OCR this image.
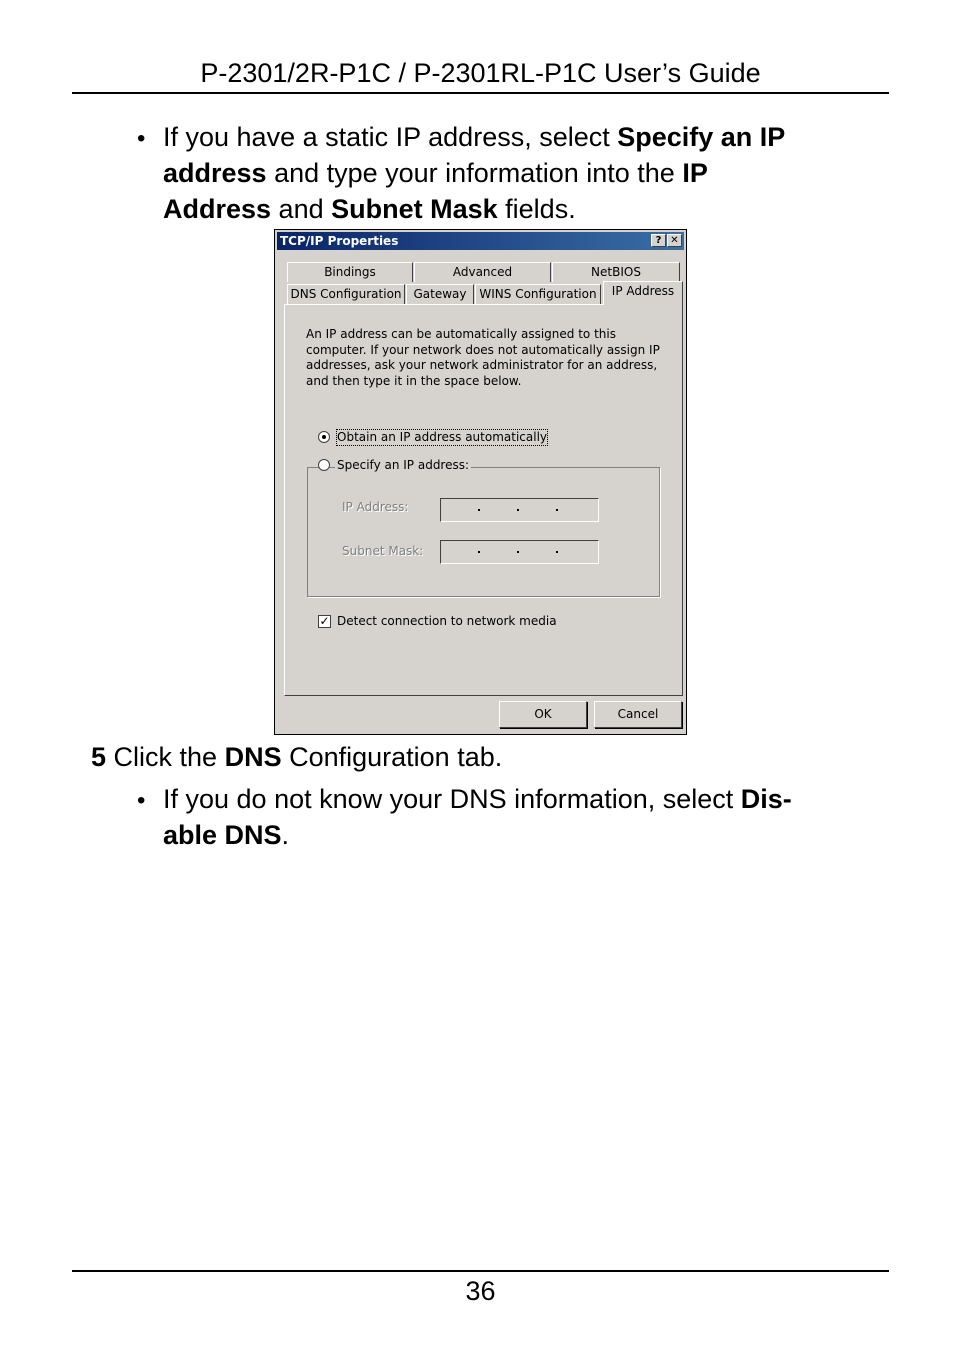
P-2301/2R-P1C / P-2301RL-P1C User’s Guide
• If you have a static IP address, select Specify an IP
address and type your information into the IP
Address and Subnet Mask fields.
TCP/IP Properties	? ✕
Bindings	Advanced	NetBIOS
DNS Configuration Gateway	WINS Configuration	IP Address
An IP address can be automatically assigned to this computer. If your network does not automatically assign IP addresses, ask your network administrator for an address, and then type it in the space below.
Obtain an IP address automatically
Specify an IP address:
IP Address:
Subnet Mask:
✓ Detect connection to network media
OK	Cancel
5 Click the DNS Configuration tab.
• If you do not know your DNS information, select Dis-
able DNS.
36
